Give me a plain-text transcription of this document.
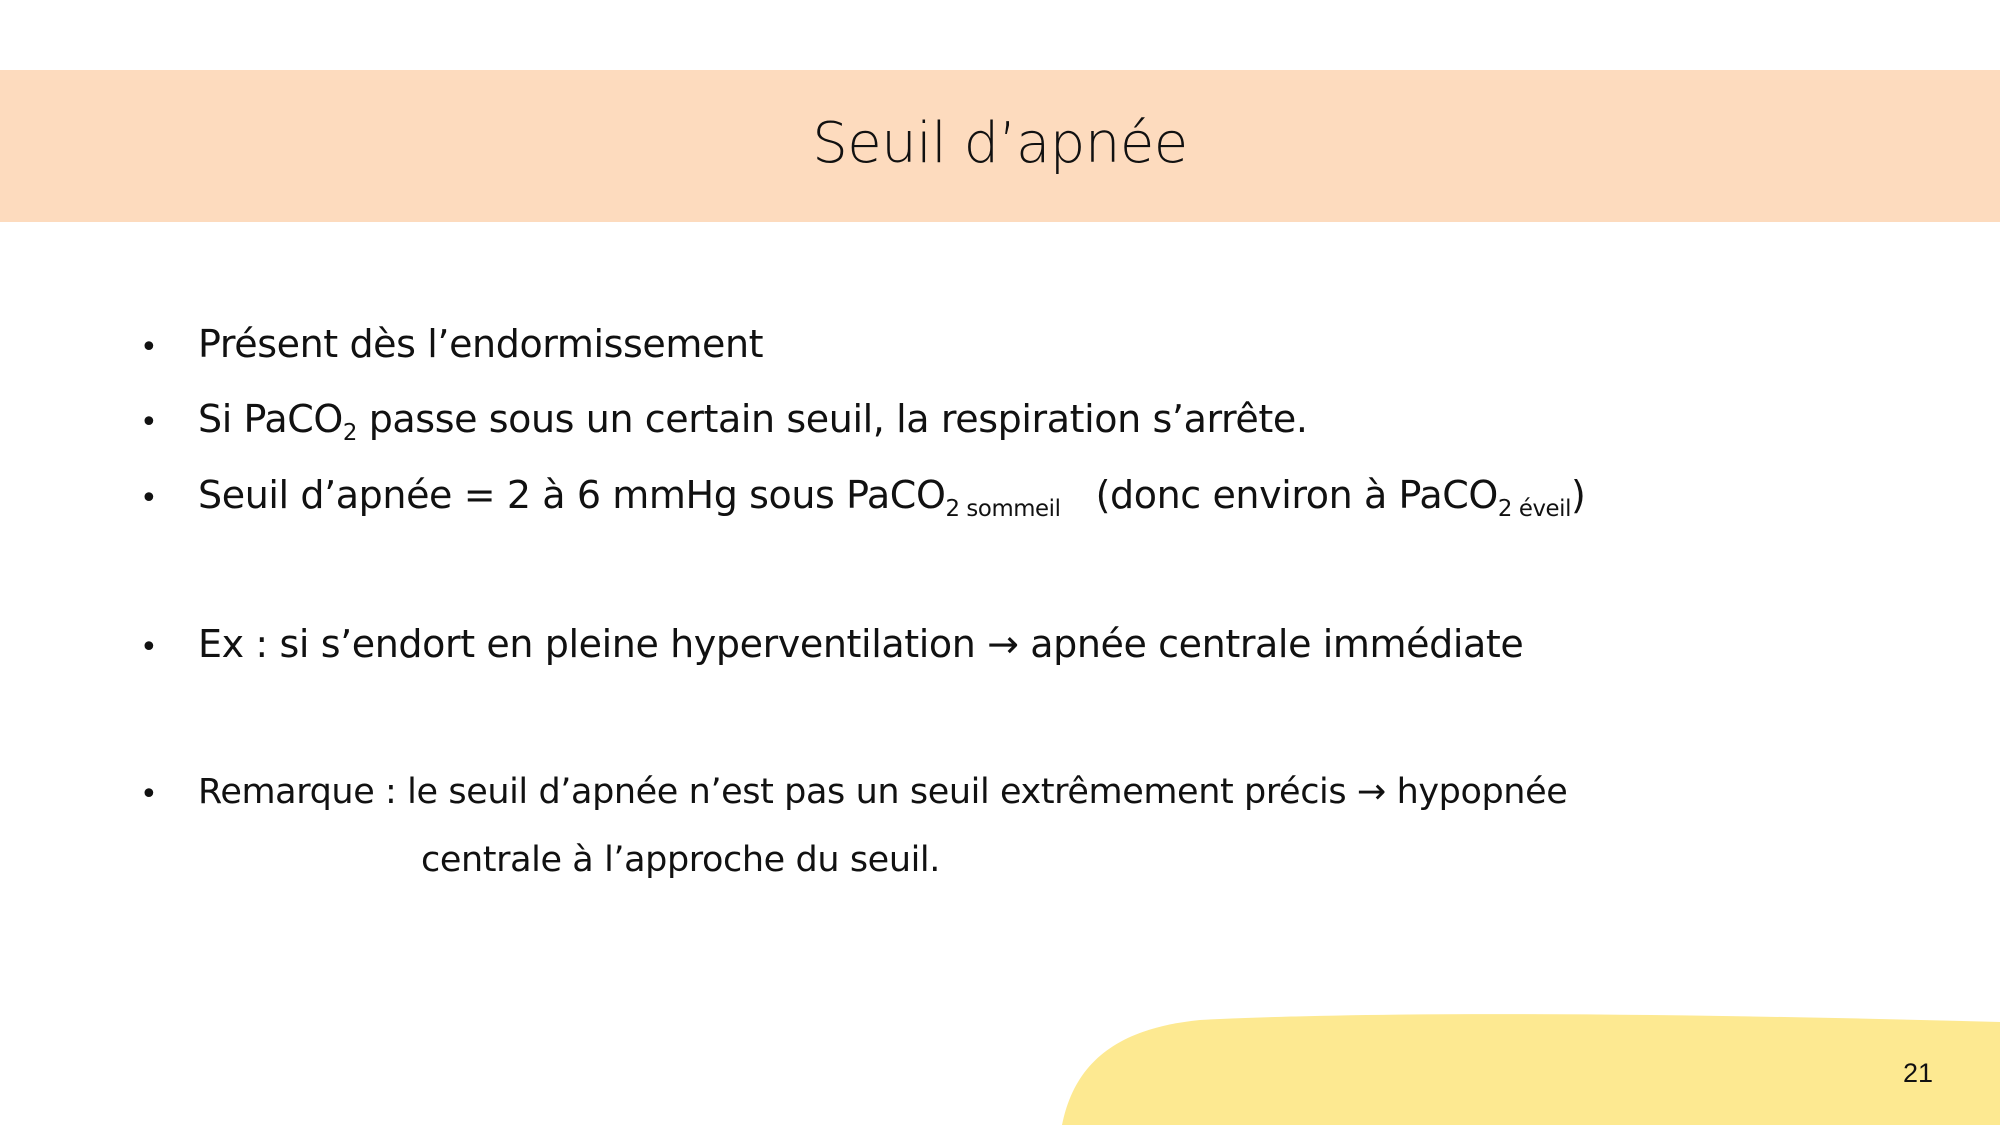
Seuil d’apnée
• Présent dès l’endormissement
• Si PaCO$_2$ passe sous un certain seuil, la respiration s’arrête.
• Seuil d’apnée = 2 à 6 mmHg sous PaCO$_{2 sommeil}$   (donc environ à PaCO$_{2 éveil}$)
• Ex : si s’endort en pleine hyperventilation → apnée centrale immédiate
• Remarque : le seuil d’apnée n’est pas un seuil extrêmement précis → hypopnée
centrale à l’approche du seuil.
21
